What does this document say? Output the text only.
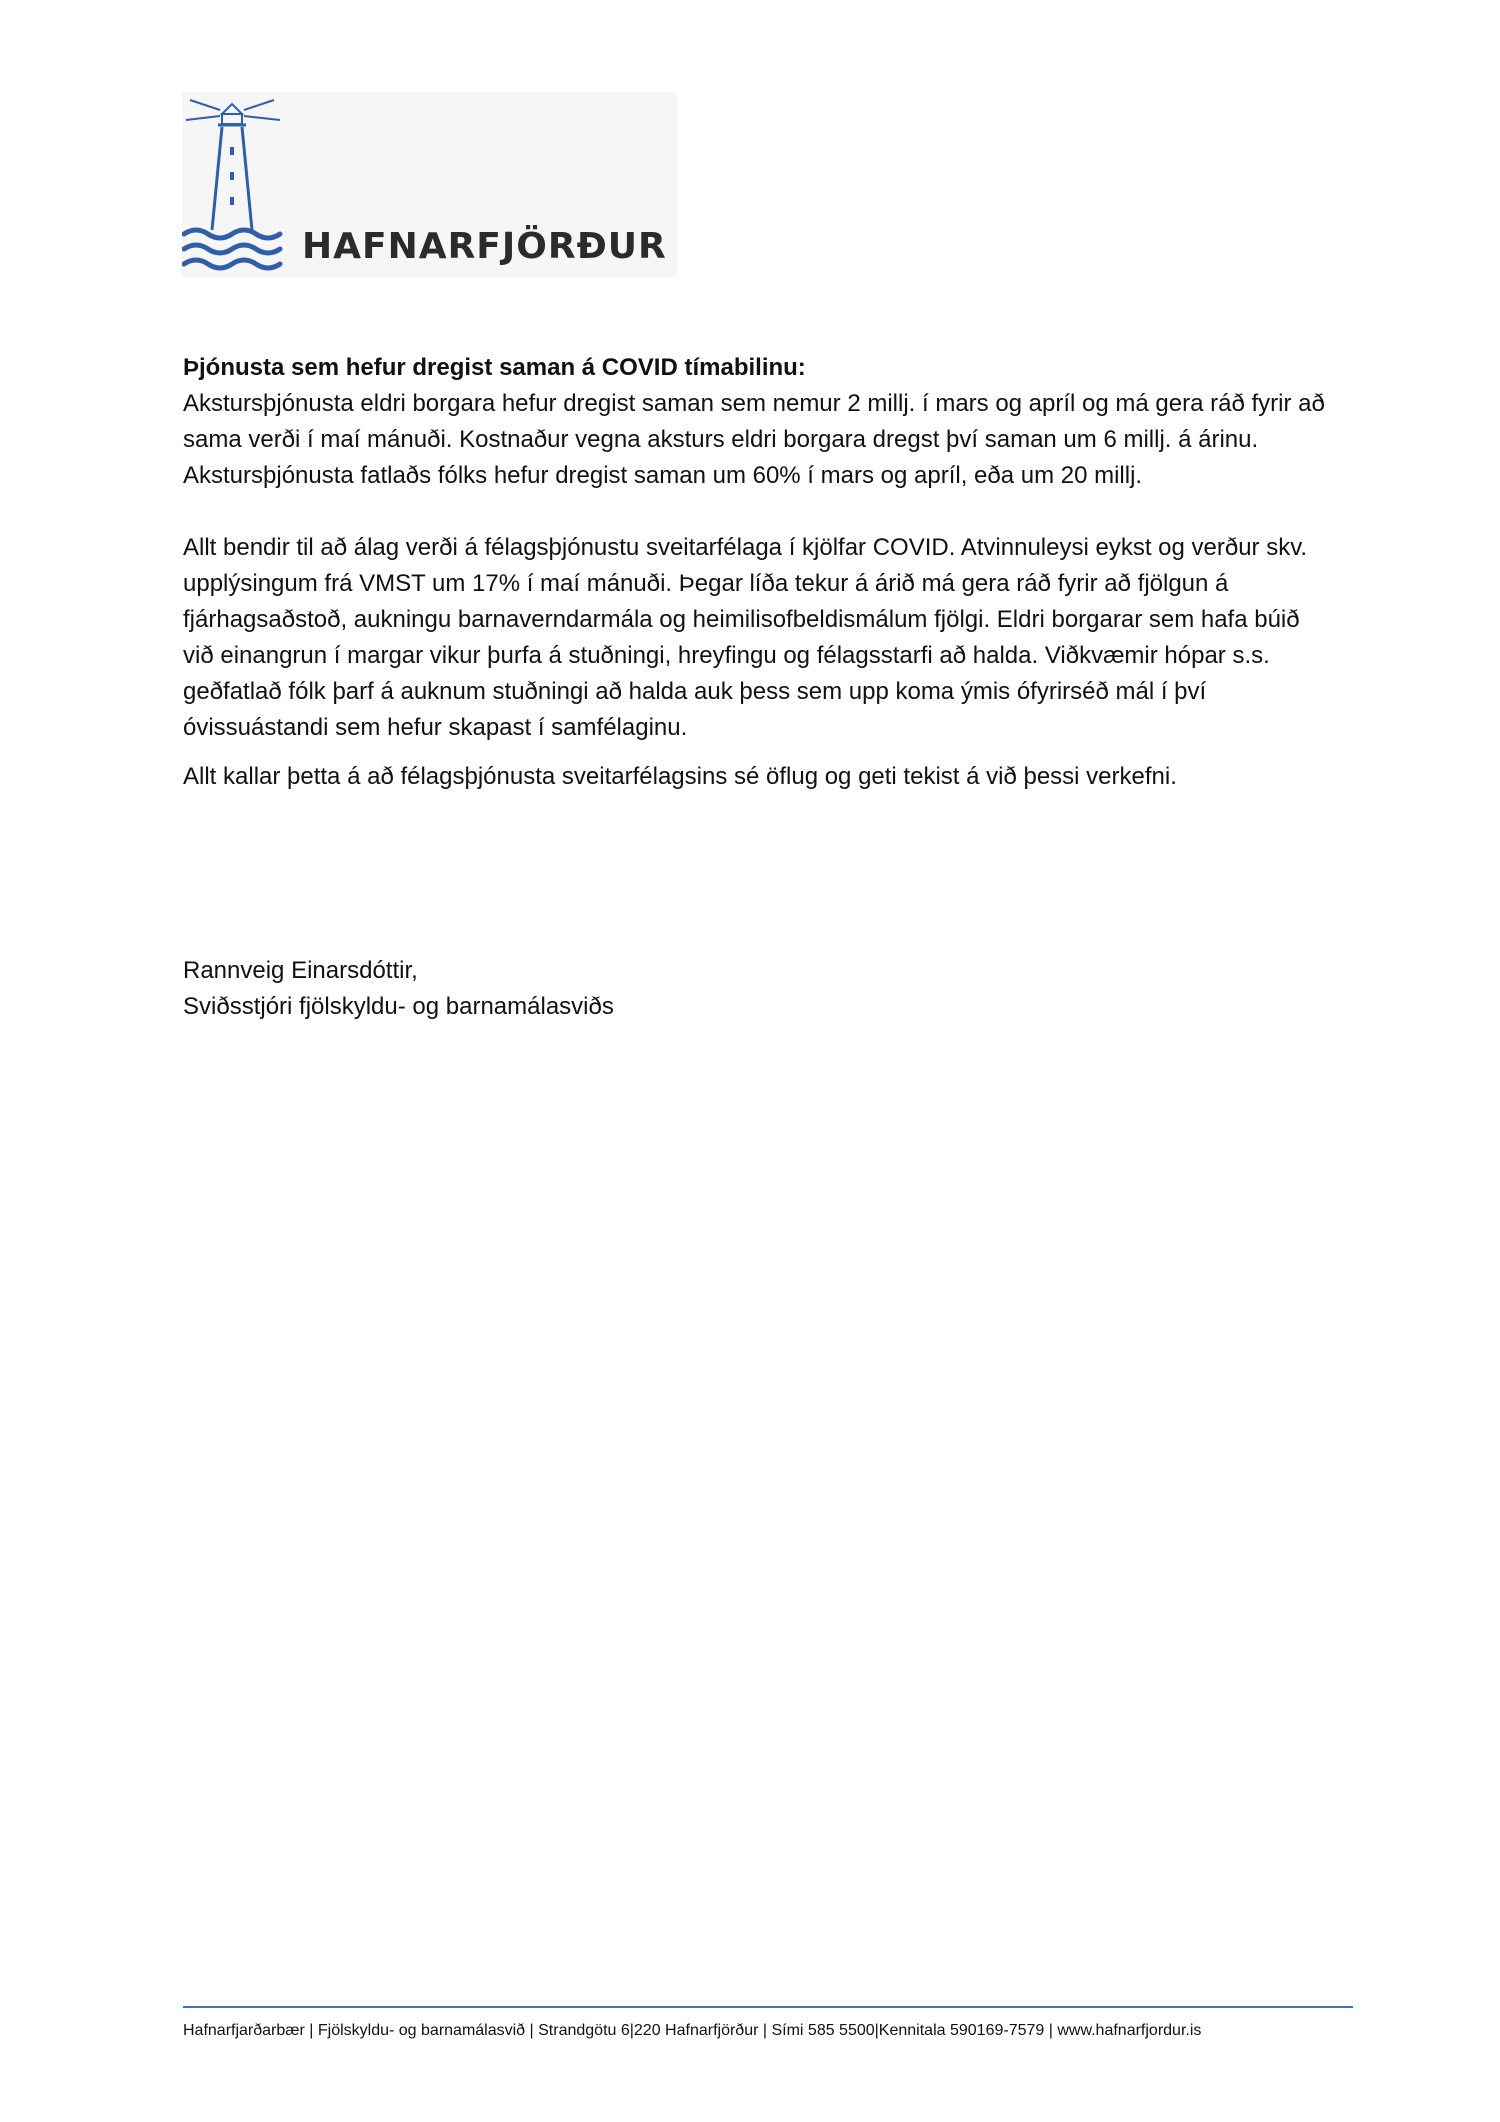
HAFNARFJÖRÐUR

Þjónusta sem hefur dregist saman á COVID tímabilinu:

Akstursþjónusta eldri borgara hefur dregist saman sem nemur 2 millj. í mars og apríl og má gera ráð fyrir að sama verði í maí mánuði. Kostnaður vegna aksturs eldri borgara dregst því saman um 6 millj. á árinu.

Akstursþjónusta fatlaðs fólks hefur dregist saman um 60% í mars og apríl, eða um 20 millj.

Allt bendir til að álag verði á félagsþjónustu sveitarfélaga í kjölfar COVID. Atvinnuleysi eykst og verður skv. upplýsingum frá VMST um 17% í maí mánuði. Þegar líða tekur á árið má gera ráð fyrir að fjölgun á fjárhagsaðstoð, aukningu barnaverndarmála og heimilisofbeldismálum fjölgi. Eldri borgarar sem hafa búið við einangrun í margar vikur þurfa á stuðningi, hreyfingu og félagsstarfi að halda. Viðkvæmir hópar s.s. geðfatlað fólk þarf á auknum stuðningi að halda auk þess sem upp koma ýmis ófyrirséð mál í því óvissuástandi sem hefur skapast í samfélaginu.

Allt kallar þetta á að félagsþjónusta sveitarfélagsins sé öflug og geti tekist á við þessi verkefni.

Rannveig Einarsdóttir,
Sviðsstjóri fjölskyldu- og barnamálasviðs
Hafnarfjarðarbær | Fjölskyldu- og barnamálasvið | Strandgötu 6|220 Hafnarfjörður | Sími 585 5500|Kennitala 590169-7579 | www.hafnarfjordur.is
